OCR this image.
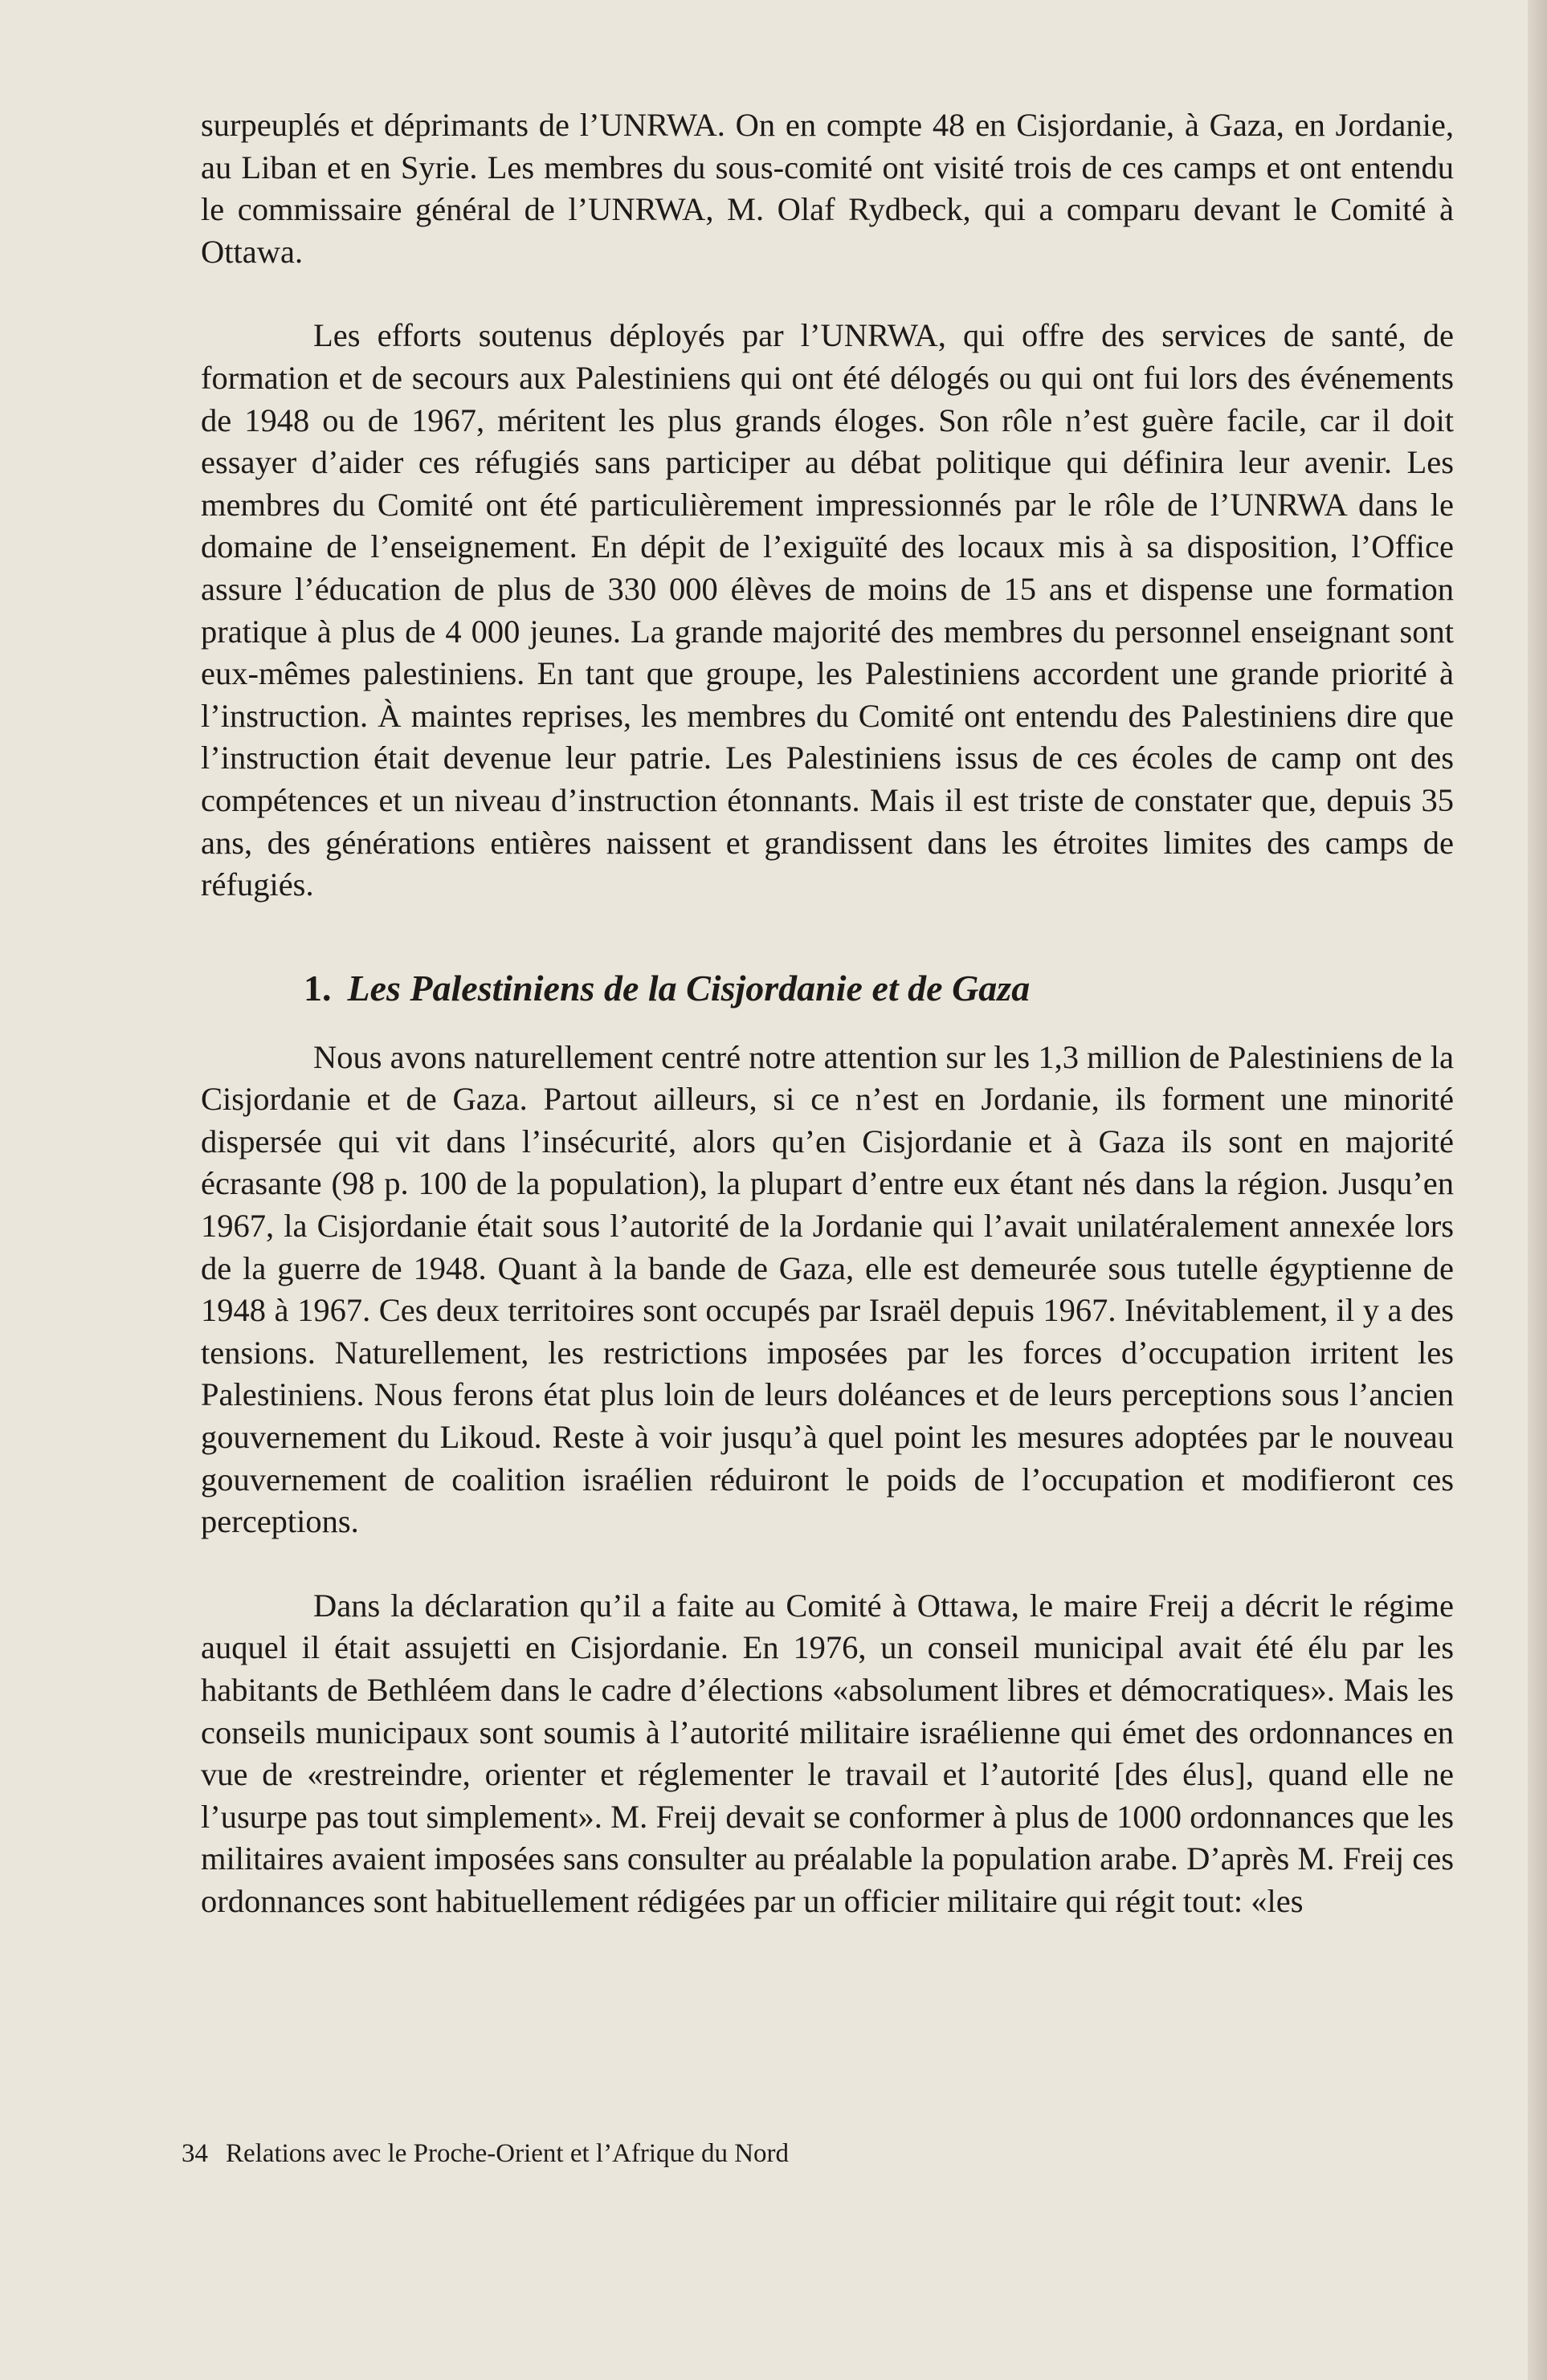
surpeuplés et déprimants de l’UNRWA. On en compte 48 en Cisjordanie, à Gaza, en Jordanie, au Liban et en Syrie. Les membres du sous-comité ont visité trois de ces camps et ont entendu le commissaire général de l’UNRWA, M. Olaf Rydbeck, qui a comparu devant le Comité à Ottawa.

Les efforts soutenus déployés par l’UNRWA, qui offre des services de santé, de formation et de secours aux Palestiniens qui ont été délogés ou qui ont fui lors des événements de 1948 ou de 1967, méritent les plus grands éloges. Son rôle n’est guère facile, car il doit essayer d’aider ces réfugiés sans participer au débat politique qui définira leur avenir. Les membres du Comité ont été particulièrement impressionnés par le rôle de l’UNRWA dans le domaine de l’enseignement. En dépit de l’exiguïté des locaux mis à sa disposition, l’Office assure l’éducation de plus de 330 000 élèves de moins de 15 ans et dispense une formation pratique à plus de 4 000 jeunes. La grande majorité des membres du personnel enseignant sont eux-mêmes palestiniens. En tant que groupe, les Palestiniens accordent une grande priorité à l’instruction. À maintes reprises, les membres du Comité ont entendu des Palestiniens dire que l’instruction était devenue leur patrie. Les Palestiniens issus de ces écoles de camp ont des compétences et un niveau d’instruction étonnants. Mais il est triste de constater que, depuis 35 ans, des générations entières naissent et grandissent dans les étroites limites des camps de réfugiés.

1. Les Palestiniens de la Cisjordanie et de Gaza

Nous avons naturellement centré notre attention sur les 1,3 million de Palestiniens de la Cisjordanie et de Gaza. Partout ailleurs, si ce n’est en Jordanie, ils forment une minorité dispersée qui vit dans l’insécurité, alors qu’en Cisjordanie et à Gaza ils sont en majorité écrasante (98 p. 100 de la population), la plupart d’entre eux étant nés dans la région. Jusqu’en 1967, la Cisjordanie était sous l’autorité de la Jordanie qui l’avait unilatéralement annexée lors de la guerre de 1948. Quant à la bande de Gaza, elle est demeurée sous tutelle égyptienne de 1948 à 1967. Ces deux territoires sont occupés par Israël depuis 1967. Inévitablement, il y a des tensions. Naturellement, les restrictions imposées par les forces d’occupation irritent les Palestiniens. Nous ferons état plus loin de leurs doléances et de leurs perceptions sous l’ancien gouvernement du Likoud. Reste à voir jusqu’à quel point les mesures adoptées par le nouveau gouvernement de coalition israélien réduiront le poids de l’occupation et modifieront ces perceptions.

Dans la déclaration qu’il a faite au Comité à Ottawa, le maire Freij a décrit le régime auquel il était assujetti en Cisjordanie. En 1976, un conseil municipal avait été élu par les habitants de Bethléem dans le cadre d’élections «absolument libres et démocratiques». Mais les conseils municipaux sont soumis à l’autorité militaire israélienne qui émet des ordonnances en vue de «restreindre, orienter et réglementer le travail et l’autorité [des élus], quand elle ne l’usurpe pas tout simplement». M. Freij devait se conformer à plus de 1000 ordonnances que les militaires avaient imposées sans consulter au préalable la population arabe. D’après M. Freij ces ordonnances sont habituellement rédigées par un officier militaire qui régit tout: «les

34 Relations avec le Proche-Orient et l’Afrique du Nord
